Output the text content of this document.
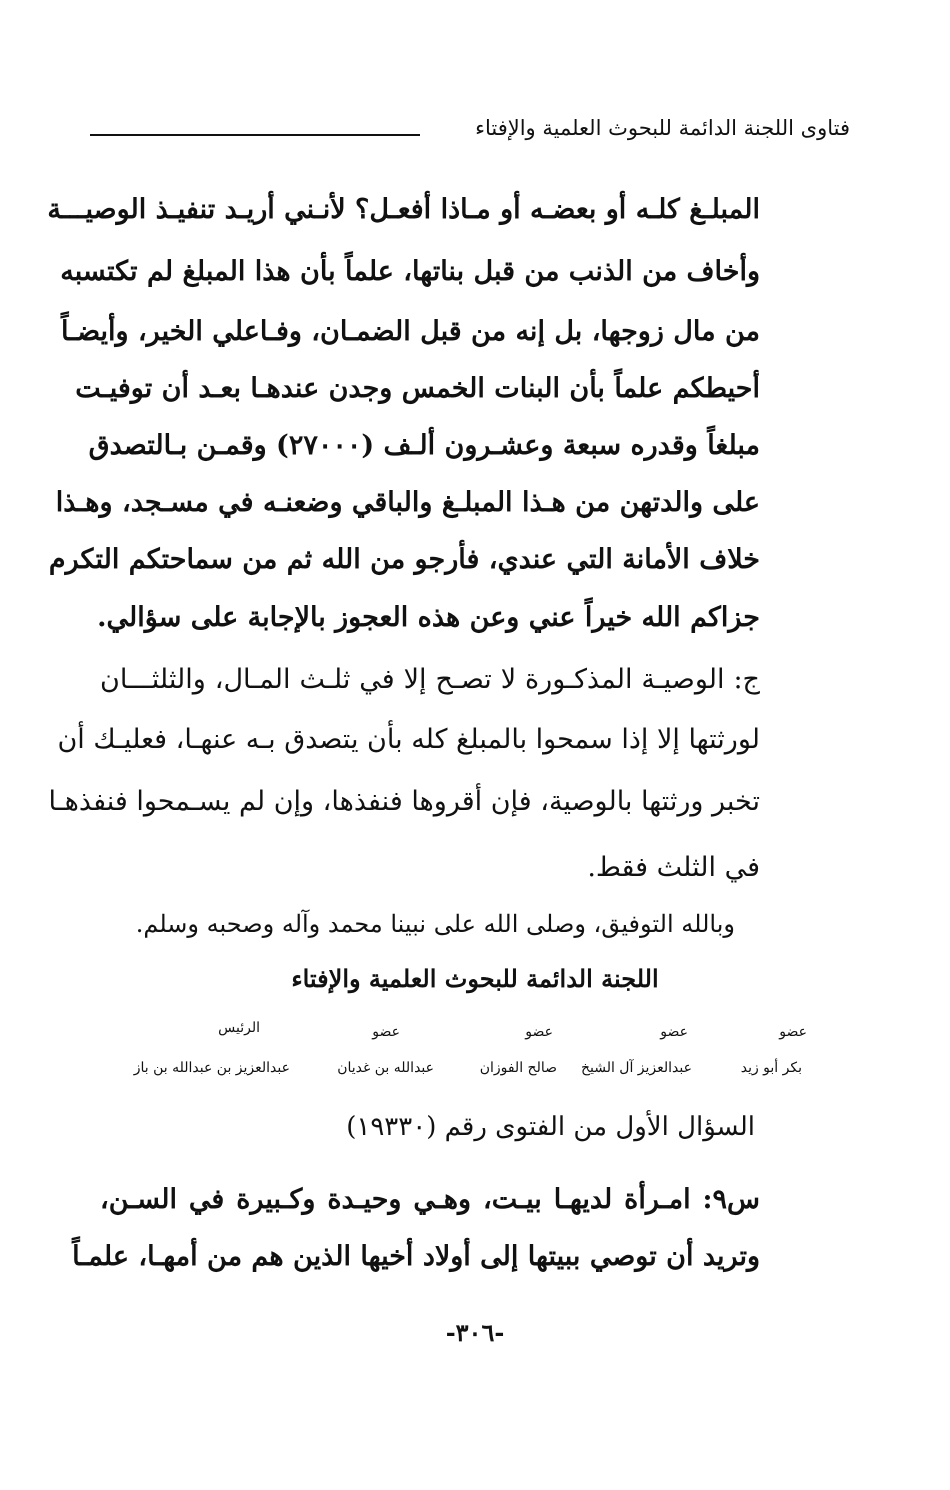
فتاوى اللجنة الدائمة للبحوث العلمية والإفتاء
المبلـغ كلـه أو بعضـه أو مـاذا أفعـل؟ لأنـني أريـد تنفيـذ الوصيـــة
وأخاف من الذنب من قبل بناتها، علماً بأن هذا المبلغ لم تكتسبه
من مال زوجها، بل إنه من قبل الضمـان، وفـاعلي الخير، وأيضـاً
أحيطكم علماً بأن البنات الخمس وجدن عندهـا بعـد أن توفيـت
مبلغاً وقدره سبعة وعشـرون ألـف (٢٧٠٠٠) وقمـن بـالتصدق
على والدتهن من هـذا المبلـغ والباقي وضعنـه في مسـجد، وهـذا
خلاف الأمانة التي عندي، فأرجو من الله ثم من سماحتكم التكرم
جزاكم الله خيراً عني وعن هذه العجوز بالإجابة على سؤالي.
ج: الوصيـة المذكـورة لا تصـح إلا في ثلـث المـال، والثلثـــان
لورثتها إلا إذا سمحوا بالمبلغ كله بأن يتصدق بـه عنهـا، فعليـك أن
تخبر ورثتها بالوصية، فإن أقروها فنفذها، وإن لم يسـمحوا فنفذهـا
في الثلث فقط.
وبالله التوفيق، وصلى الله على نبينا محمد وآله وصحبه وسلم.
اللجنة الدائمة للبحوث العلمية والإفتاء
عضو
عضو
عضو
عضو
الرئيس
بكر أبو زيد
عبدالعزيز آل الشيخ
صالح الفوزان
عبدالله بن غديان
عبدالعزيز بن عبدالله بن باز
السؤال الأول من الفتوى رقم (١٩٣٣٠)
س٩: امـرأة لديهـا بيـت، وهـي وحيـدة وكـبيرة في السـن،
وتريد أن توصي ببيتها إلى أولاد أخيها الذين هم من أمهـا، علمـاً
-٣٠٦-
